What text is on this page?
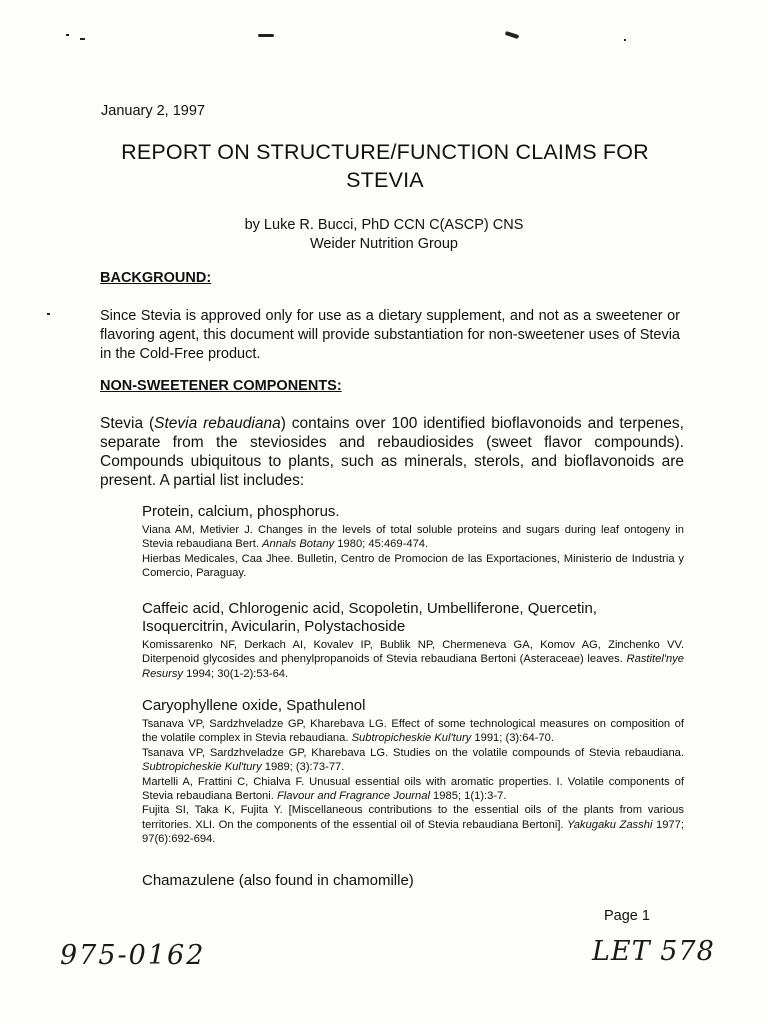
January 2, 1997
REPORT ON STRUCTURE/FUNCTION CLAIMS FOR
STEVIA
by Luke R. Bucci, PhD CCN C(ASCP) CNS
Weider Nutrition Group
BACKGROUND:
Since Stevia is approved only for use as a dietary supplement, and not as a sweetener or flavoring agent, this document will provide substantiation for non-sweetener uses of Stevia in the Cold-Free product.
NON-SWEETENER COMPONENTS:
Stevia (Stevia rebaudiana) contains over 100 identified bioflavonoids and terpenes, separate from the steviosides and rebaudiosides (sweet flavor compounds). Compounds ubiquitous to plants, such as minerals, sterols, and bioflavonoids are present. A partial list includes:
Protein, calcium, phosphorus.

Viana AM, Metivier J. Changes in the levels of total soluble proteins and sugars during leaf ontogeny in Stevia rebaudiana Bert. Annals Botany 1980; 45:469-474.

Hierbas Medicales, Caa Jhee. Bulletin, Centro de Promocion de las Exportaciones, Ministerio de Industria y Comercio, Paraguay.

Caffeic acid, Chlorogenic acid, Scopoletin, Umbelliferone, Quercetin, Isoquercitrin, Avicularin, Polystachoside

Komissarenko NF, Derkach AI, Kovalev IP, Bublik NP, Chermeneva GA, Komov AG, Zinchenko VV. Diterpenoid glycosides and phenylpropanoids of Stevia rebaudiana Bertoni (Asteraceae) leaves. Rastitel'nye Resursy 1994; 30(1-2):53-64.

Caryophyllene oxide, Spathulenol

Tsanava VP, Sardzhveladze GP, Kharebava LG. Effect of some technological measures on composition of the volatile complex in Stevia rebaudiana. Subtropicheskie Kul'tury 1991; (3):64-70.

Tsanava VP, Sardzhveladze GP, Kharebava LG. Studies on the volatile compounds of Stevia rebaudiana. Subtropicheskie Kul'tury 1989; (3):73-77.

Martelli A, Frattini C, Chialva F. Unusual essential oils with aromatic properties. I. Volatile components of Stevia rebaudiana Bertoni. Flavour and Fragrance Journal 1985; 1(1):3-7.

Fujita SI, Taka K, Fujita Y. [Miscellaneous contributions to the essential oils of the plants from various territories. XLI. On the components of the essential oil of Stevia rebaudiana Bertoni]. Yakugaku Zasshi 1977; 97(6):692-694.

Chamazulene (also found in chamomille)
Page 1
975-0162	LET 578
